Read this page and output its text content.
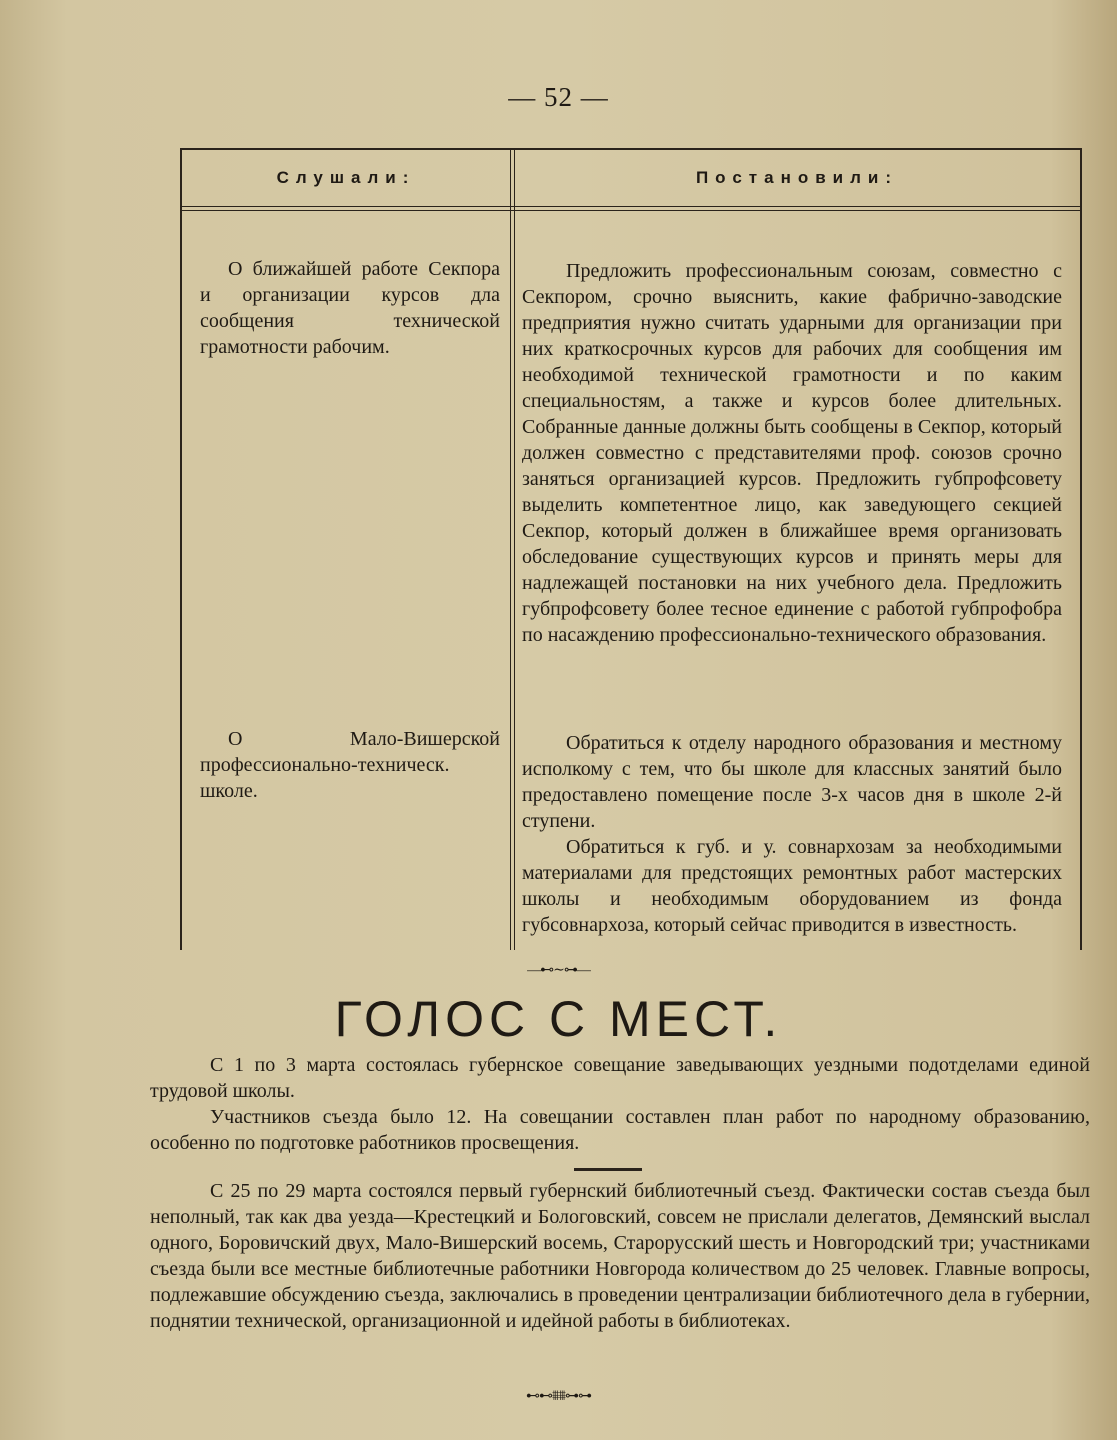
— 52 —
Слушали:	Постановили:

О ближайшей работе Секпора и организации курсов дла сообщения технической грамотности рабочим.

Предложить профессиональным союзам, совместно с Секпором, срочно выяснить, какие фабрично-заводские предприятия нужно считать ударными для организации при них краткосрочных курсов для рабочих для сообщения им необходимой технической грамотности и по каким специальностям, а также и курсов более длительных. Собранные данные должны быть сообщены в Секпор, который должен совместно с представителями проф. союзов срочно заняться организацией курсов. Предложить губпрофсовету выделить компетентное лицо, как заведующего секцией Секпор, который должен в ближайшее время организовать обследование существующих курсов и принять меры для надлежащей постановки на них учебного дела. Предложить губпрофсовету более тесное единение с работой губпрофобра по насаждению профессионально-технического образования.

О Мало-Вишерской профессионально-техническ. школе.

Обратиться к отделу народного образования и местному исполкому с тем, что бы школе для классных занятий было предоставлено помещение после 3-х часов дня в школе 2-й ступени.

Обратиться к губ. и у. совнархозам за необходимыми материалами для предстоящих ремонтных работ мастерских школы и необходимым оборудованием из фонда губсовнархоза, который сейчас приводится в известность.

—⊷∼⊶—
ГОЛОС С МЕСТ.

С 1 по 3 марта состоялась губернское совещание заведывающих уездными подотделами единой трудовой школы.

Участников съезда было 12. На совещании составлен план работ по народному образованию, особенно по подготовке работников просвещения.

С 25 по 29 марта состоялся первый губернский библиотечный съезд. Фактически состав съезда был неполный, так как два уезда—Крестецкий и Бологовский, совсем не прислали делегатов, Демянский выслал одного, Боровичский двух, Мало-Вишерский восемь, Старорусский шесть и Новгородский три; участниками съезда были все местные библиотечные работники Новгорода количеством до 25 человек. Главные вопросы, подлежавшие обсуждению съезда, заключались в проведении централизации библиотечного дела в губернии, поднятии технической, организационной и идейной работы в библиотеках.

⊷⊷⩩⩩⊶⊶
